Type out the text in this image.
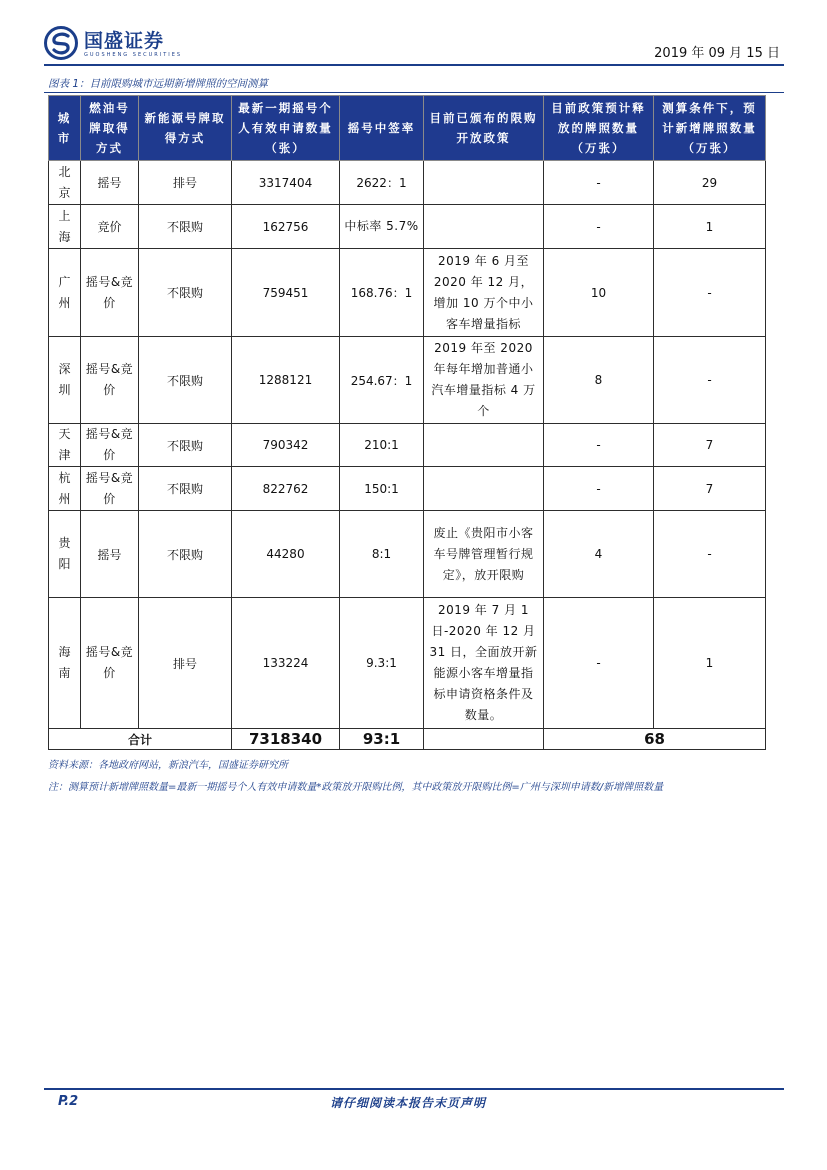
国盛证券
GUOSHENG SECURITIES	2019 年 09 月 15 日
图表 1：目前限购城市远期新增牌照的空间测算
城市	燃油号牌取得方式	新能源号牌取得方式	最新一期摇号个人有效申请数量（张）	摇号中签率	目前已颁布的限购开放政策	目前政策预计释放的牌照数量（万张）	测算条件下，预计新增牌照数量（万张）
北京	摇号	排号	3317404	2622：1		-	29
上海	竞价	不限购	162756	中标率 5.7%		-	1
广州	摇号&竞价	不限购	759451	168.76：1	2019 年 6 月至 2020 年 12 月，增加 10 万个中小客车增量指标	10	-
深圳	摇号&竞价	不限购	1288121	254.67：1	2019 年至 2020 年每年增加普通小汽车增量指标 4 万个	8	-
天津	摇号&竞价	不限购	790342	210:1		-	7
杭州	摇号&竞价	不限购	822762	150:1		-	7
贵阳	摇号	不限购	44280	8:1	废止《贵阳市小客车号牌管理暂行规定》，放开限购	4	-
海南	摇号&竞价	排号	133224	9.3:1	2019 年 7 月 1 日-2020 年 12 月 31 日，全面放开新能源小客车增量指标申请资格条件及数量。	-	1
合计			7318340	93:1		68	
资料来源：各地政府网站，新浪汽车，国盛证券研究所
注：测算预计新增牌照数量=最新一期摇号个人有效申请数量*政策放开限购比例，其中政策放开限购比例=广州与深圳申请数/新增牌照数量
P.2	请仔细阅读本报告末页声明
